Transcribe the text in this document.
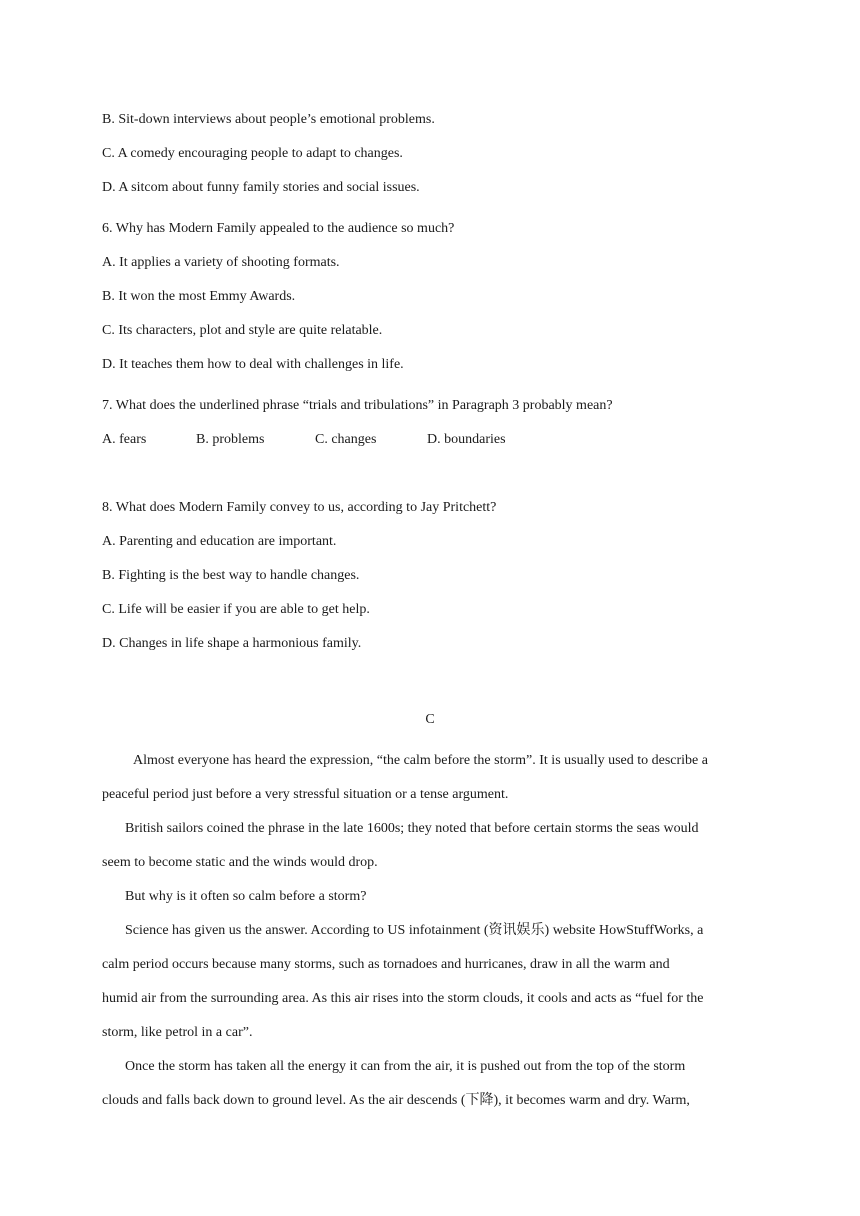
B. Sit-down interviews about people’s emotional problems.
C. A comedy encouraging people to adapt to changes.
D. A sitcom about funny family stories and social issues.
6. Why has Modern Family appealed to the audience so much?
A. It applies a variety of shooting formats.
B. It won the most Emmy Awards.
C. Its characters, plot and style are quite relatable.
D. It teaches them how to deal with challenges in life.
7. What does the underlined phrase “trials and tribulations” in Paragraph 3 probably mean?
A. fears	B. problems	C. changes	D. boundaries
8. What does Modern Family convey to us, according to Jay Pritchett?
A. Parenting and education are important.
B. Fighting is the best way to handle changes.
C. Life will be easier if you are able to get help.
D. Changes in life shape a harmonious family.
C
Almost everyone has heard the expression, “the calm before the storm”. It is usually used to describe a
peaceful period just before a very stressful situation or a tense argument.
British sailors coined the phrase in the late 1600s; they noted that before certain storms the seas would
seem to become static and the winds would drop.
But why is it often so calm before a storm?
Science has given us the answer. According to US infotainment (资讯娱乐) website HowStuffWorks, a
calm period occurs because many storms, such as tornadoes and hurricanes, draw in all the warm and
humid air from the surrounding area. As this air rises into the storm clouds, it cools and acts as “fuel for the
storm, like petrol in a car”.
Once the storm has taken all the energy it can from the air, it is pushed out from the top of the storm
clouds and falls back down to ground level. As the air descends (下降), it becomes warm and dry. Warm,
